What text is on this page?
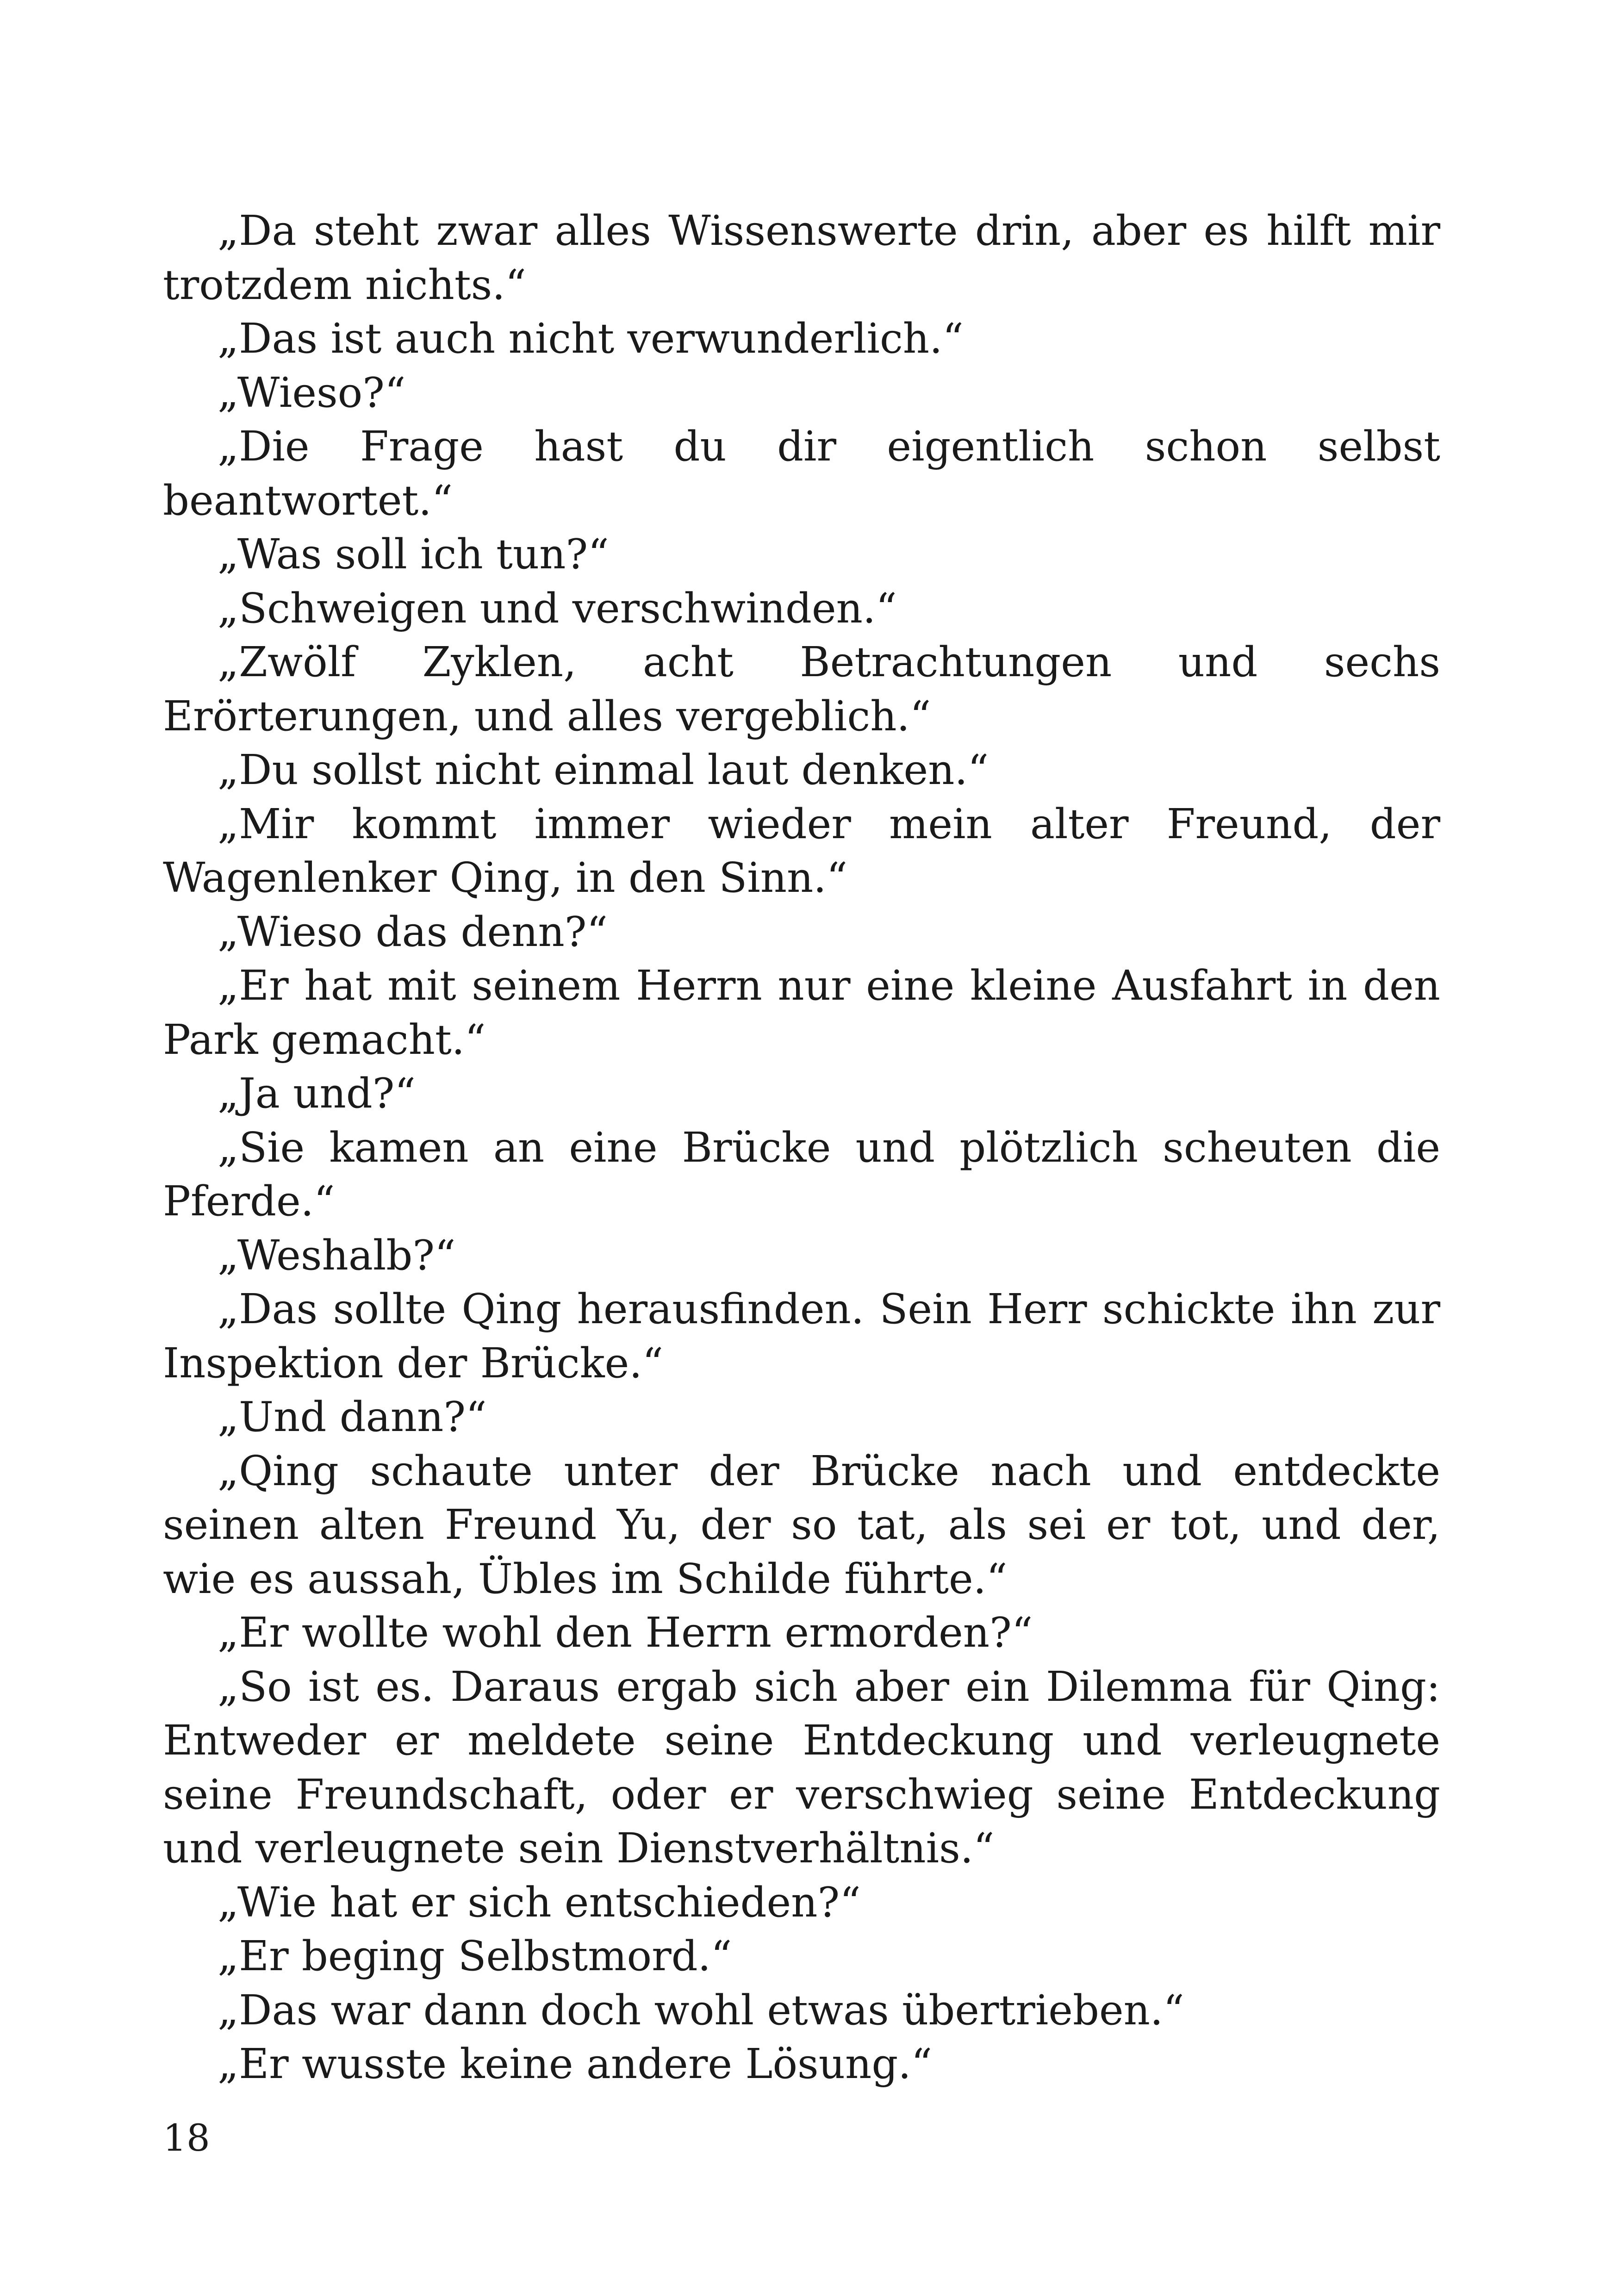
„Da steht zwar alles Wissenswerte drin, aber es hilft mir trotzdem nichts.“

„Das ist auch nicht verwunderlich.“

„Wieso?“

„Die Frage hast du dir eigentlich schon selbst beantwortet.“

„Was soll ich tun?“

„Schweigen und verschwinden.“

„Zwölf Zyklen, acht Betrachtungen und sechs Erörterungen, und alles vergeblich.“

„Du sollst nicht einmal laut denken.“

„Mir kommt immer wieder mein alter Freund, der Wagenlenker Qing, in den Sinn.“

„Wieso das denn?“

„Er hat mit seinem Herrn nur eine kleine Ausfahrt in den Park gemacht.“

„Ja und?“

„Sie kamen an eine Brücke und plötzlich scheuten die Pferde.“

„Weshalb?“

„Das sollte Qing herausfinden. Sein Herr schickte ihn zur Inspektion der Brücke.“

„Und dann?“

„Qing schaute unter der Brücke nach und entdeckte seinen alten Freund Yu, der so tat, als sei er tot, und der, wie es aussah, Übles im Schilde führte.“

„Er wollte wohl den Herrn ermorden?“

„So ist es. Daraus ergab sich aber ein Dilemma für Qing: Entweder er meldete seine Entdeckung und verleugnete seine Freundschaft, oder er verschwieg seine Entdeckung und verleugnete sein Dienstverhältnis.“

„Wie hat er sich entschieden?“

„Er beging Selbstmord.“

„Das war dann doch wohl etwas übertrieben.“

„Er wusste keine andere Lösung.“

18
